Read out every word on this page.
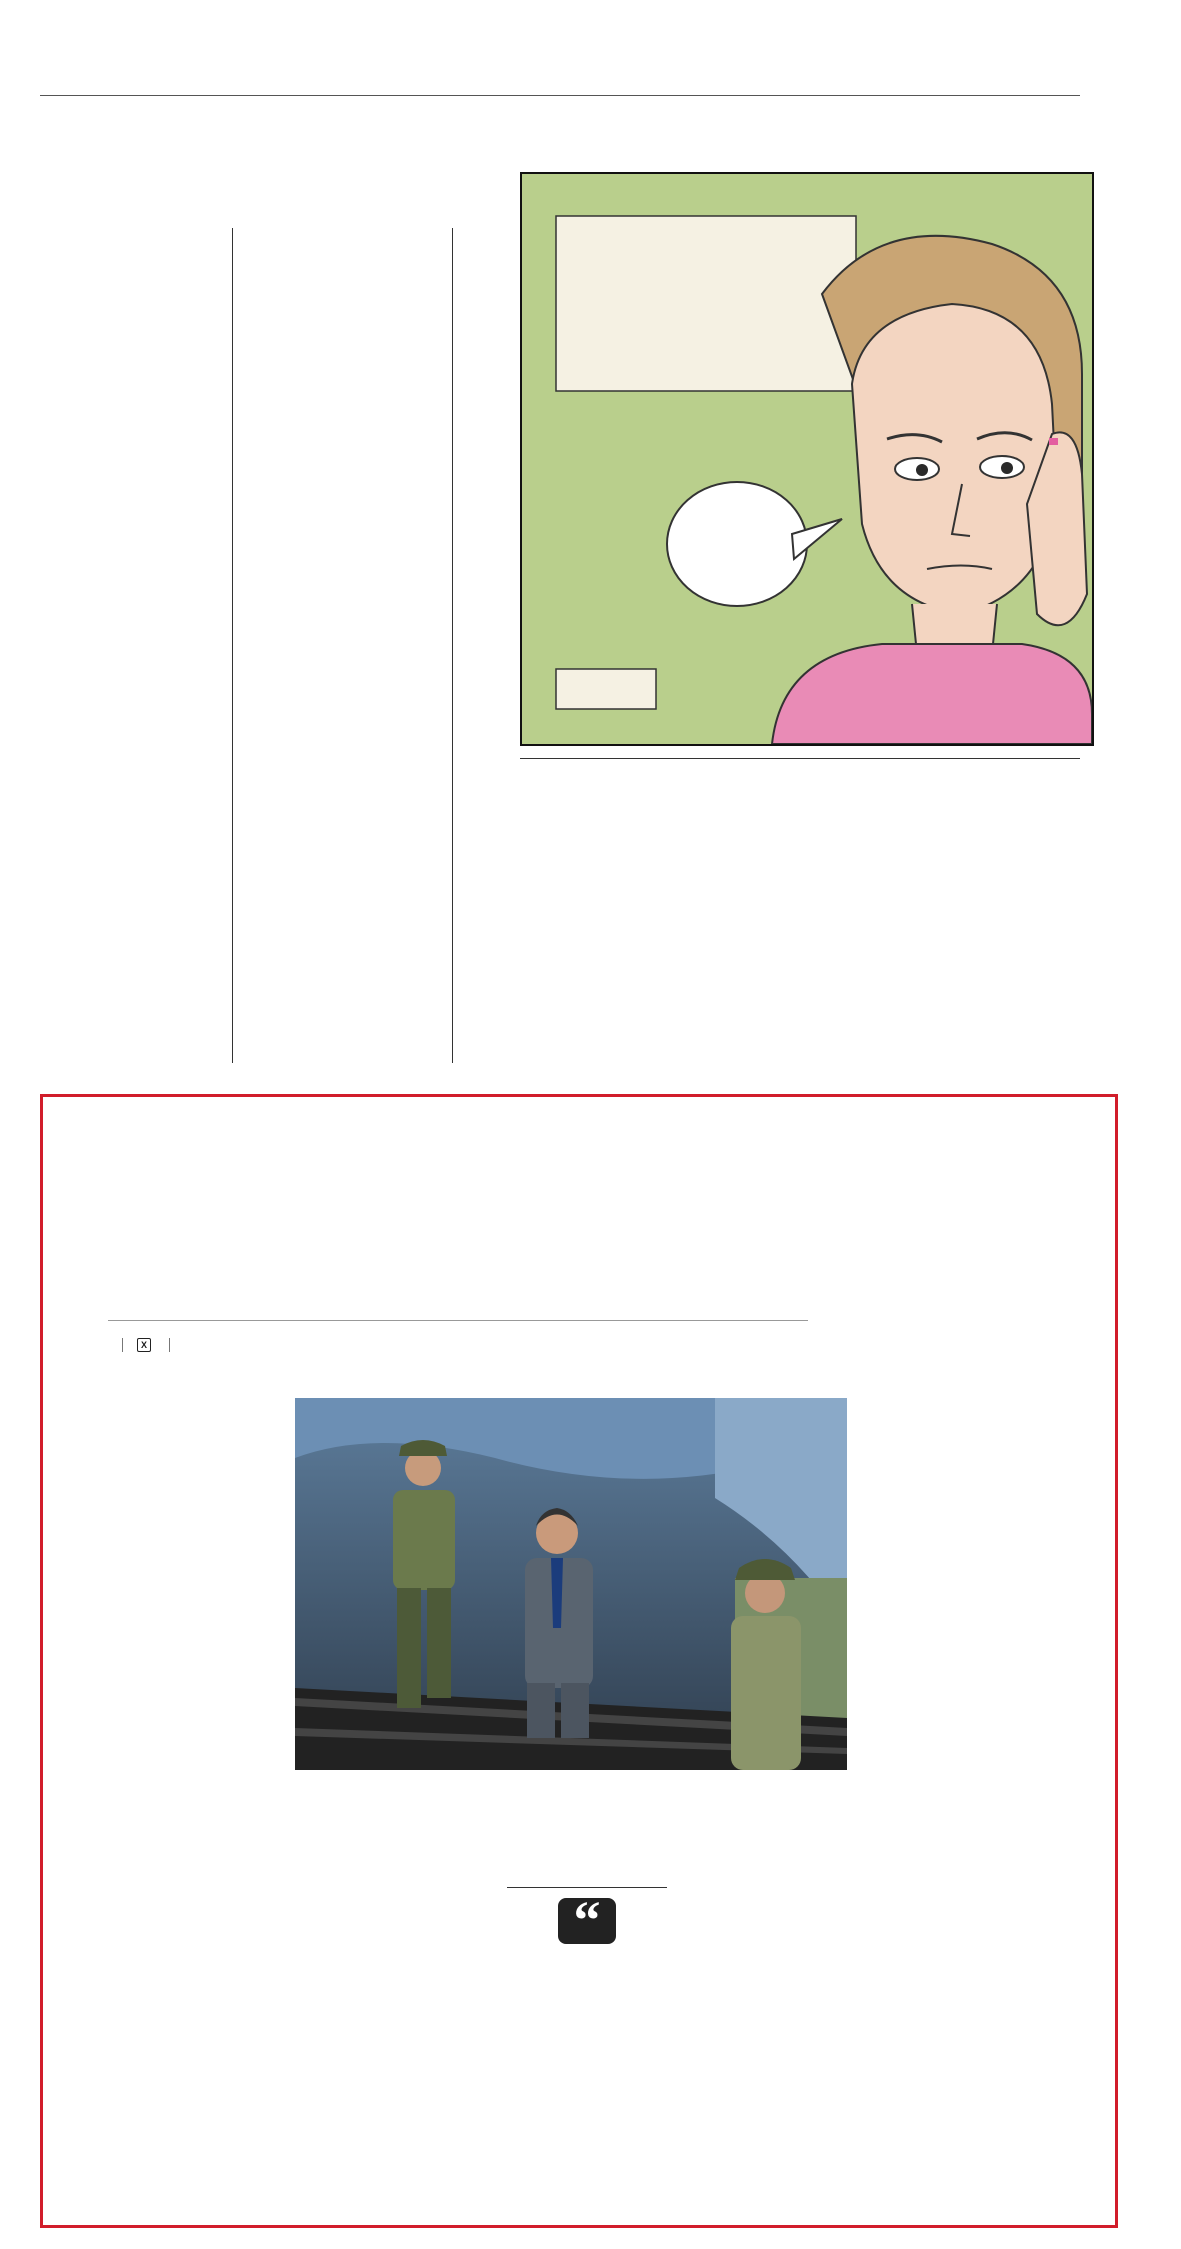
X

“
